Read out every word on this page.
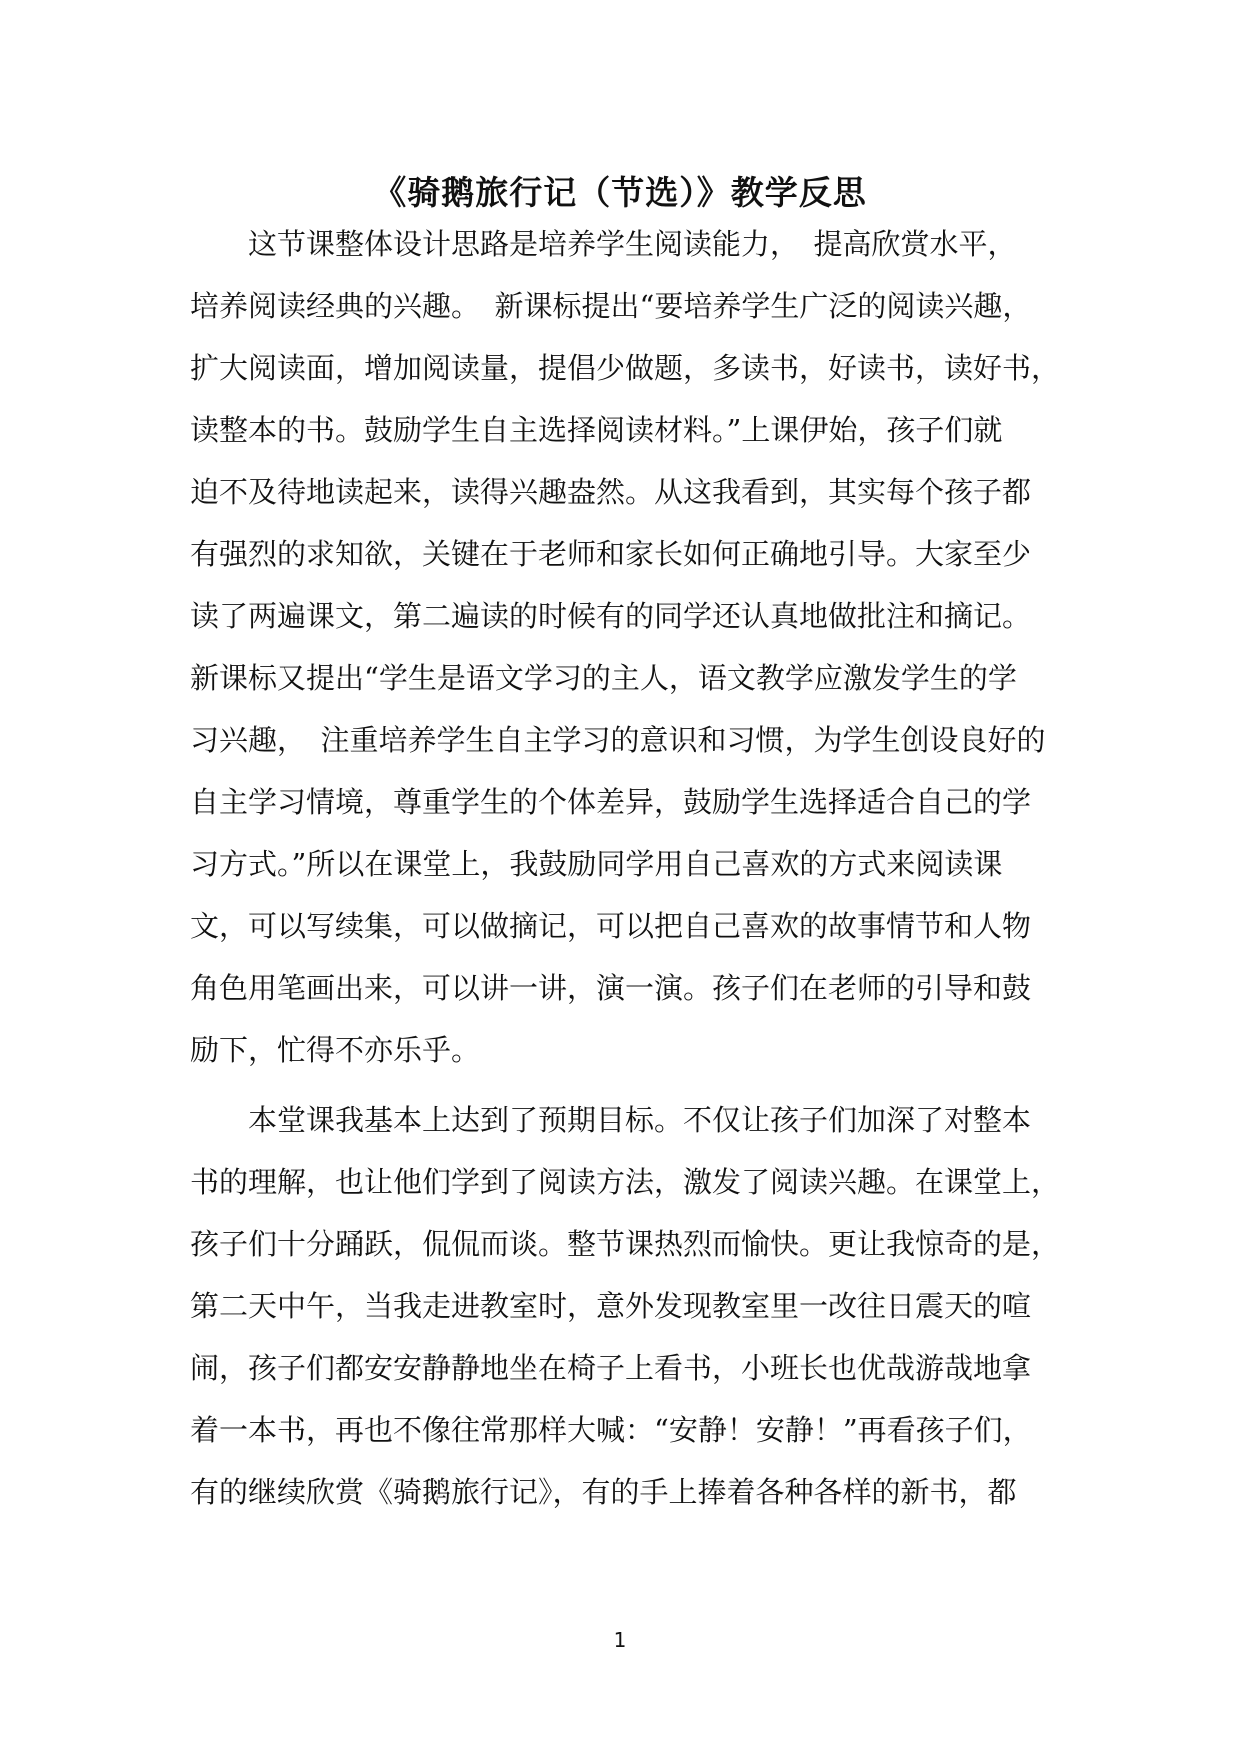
《骑鹅旅行记（节选）》教学反思
　　这节课整体设计思路是培养学生阅读能力，　提高欣赏水平，
培养阅读经典的兴趣。　新课标提出“要培养学生广泛的阅读兴趣，
扩大阅读面，增加阅读量，提倡少做题，多读书，好读书，读好书，
读整本的书。鼓励学生自主选择阅读材料。”上课伊始，孩子们就
迫不及待地读起来，读得兴趣盎然。从这我看到，其实每个孩子都
有强烈的求知欲，关键在于老师和家长如何正确地引导。大家至少
读了两遍课文，第二遍读的时候有的同学还认真地做批注和摘记。
新课标又提出“学生是语文学习的主人，语文教学应激发学生的学
习兴趣，　注重培养学生自主学习的意识和习惯，为学生创设良好的
自主学习情境，尊重学生的个体差异，鼓励学生选择适合自己的学
习方式。”所以在课堂上，我鼓励同学用自己喜欢的方式来阅读课
文，可以写续集，可以做摘记，可以把自己喜欢的故事情节和人物
角色用笔画出来，可以讲一讲，演一演。孩子们在老师的引导和鼓
励下，忙得不亦乐乎。
　　本堂课我基本上达到了预期目标。不仅让孩子们加深了对整本
书的理解，也让他们学到了阅读方法，激发了阅读兴趣。在课堂上，
孩子们十分踊跃，侃侃而谈。整节课热烈而愉快。更让我惊奇的是，
第二天中午，当我走进教室时，意外发现教室里一改往日震天的喧
闹，孩子们都安安静静地坐在椅子上看书，小班长也优哉游哉地拿
着一本书，再也不像往常那样大喊：“安静！安静！”再看孩子们，
有的继续欣赏《骑鹅旅行记》，有的手上捧着各种各样的新书，都
1
